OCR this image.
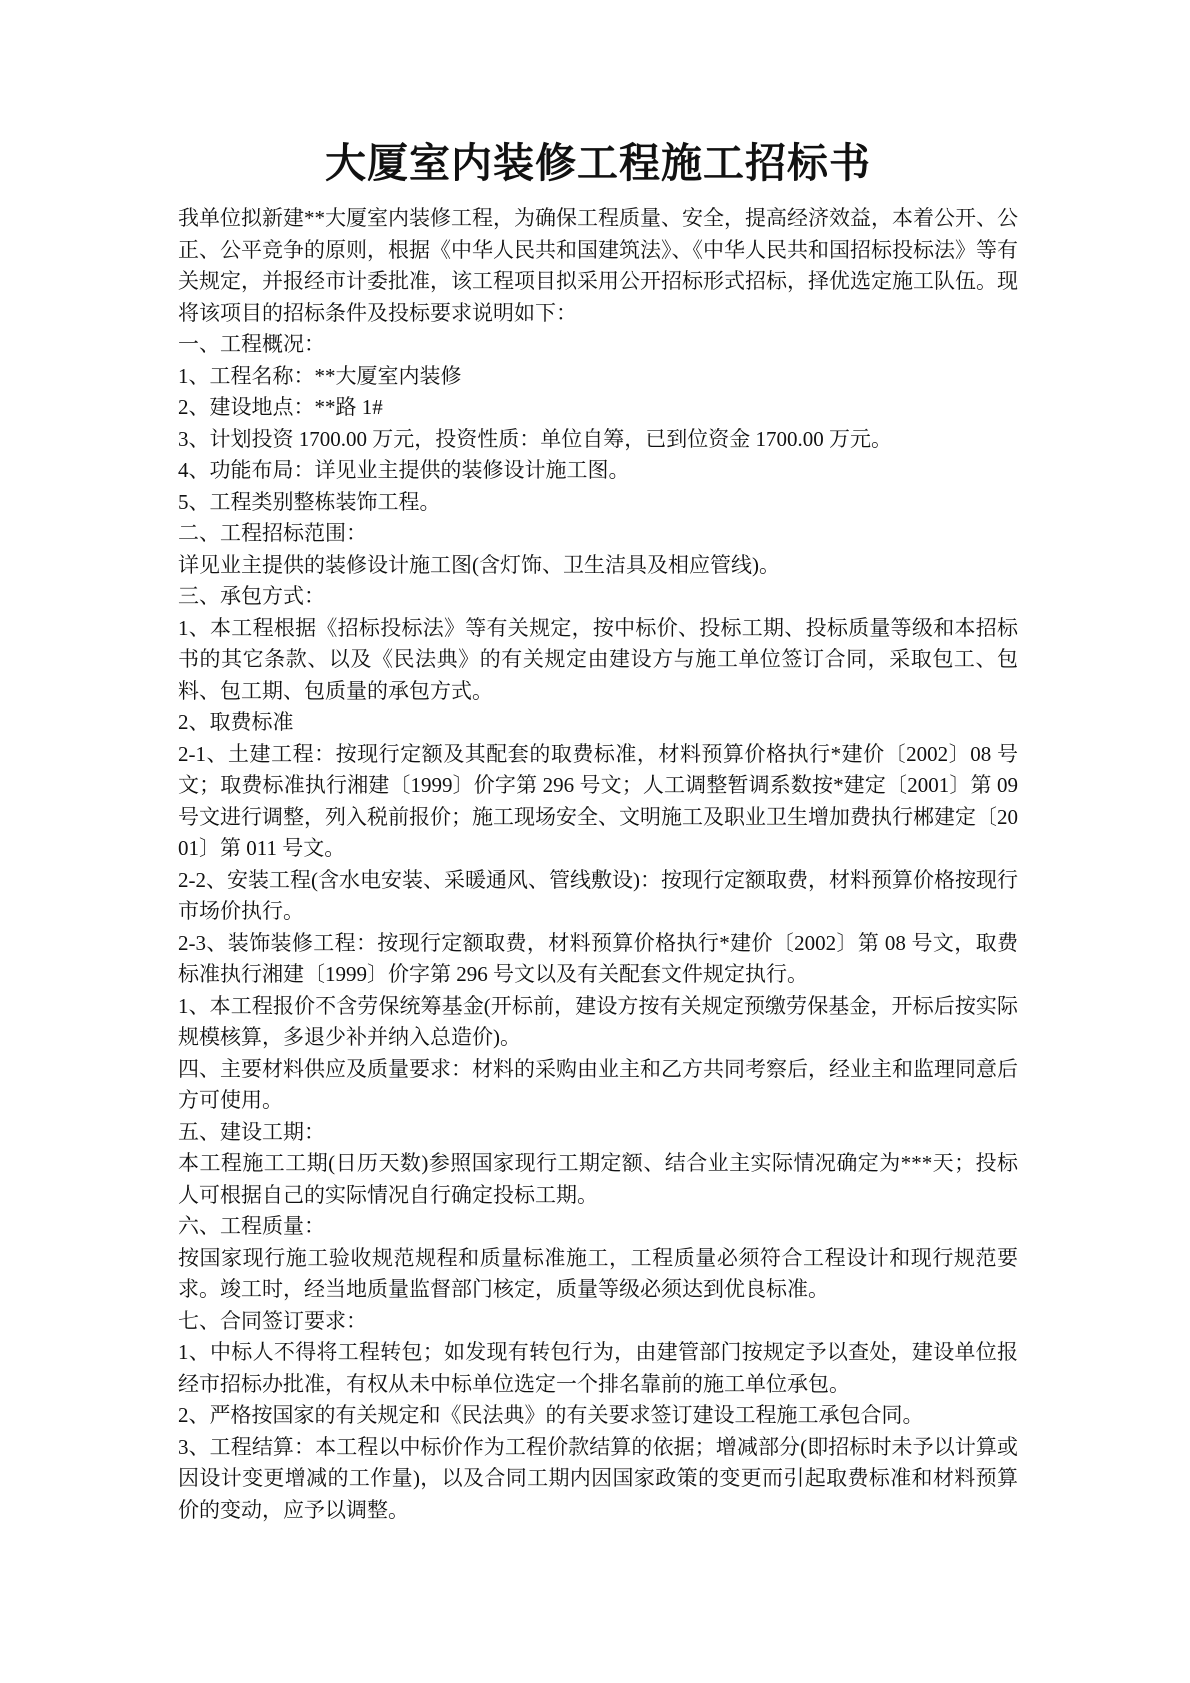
大厦室内装修工程施工招标书

我单位拟新建**大厦室内装修工程，为确保工程质量、安全，提高经济效益，本着公开、公正、公平竞争的原则，根据《中华人民共和国建筑法》、《中华人民共和国招标投标法》等有关规定，并报经市计委批准，该工程项目拟采用公开招标形式招标，择优选定施工队伍。现将该项目的招标条件及投标要求说明如下：

一、工程概况：

1、工程名称：**大厦室内装修

2、建设地点：**路 1#

3、计划投资 1700.00 万元，投资性质：单位自筹，已到位资金 1700.00 万元。

4、功能布局：详见业主提供的装修设计施工图。

5、工程类别整栋装饰工程。

二、工程招标范围：

详见业主提供的装修设计施工图(含灯饰、卫生洁具及相应管线)。

三、承包方式：

1、本工程根据《招标投标法》等有关规定，按中标价、投标工期、投标质量等级和本招标书的其它条款、以及《民法典》的有关规定由建设方与施工单位签订合同，采取包工、包料、包工期、包质量的承包方式。

2、取费标准

2-1、土建工程：按现行定额及其配套的取费标准，材料预算价格执行*建价〔2002〕08 号文；取费标准执行湘建〔1999〕价字第 296 号文；人工调整暂调系数按*建定〔2001〕第 09 号文进行调整，列入税前报价；施工现场安全、文明施工及职业卫生增加费执行郴建定〔2001〕第 011 号文。

2-2、安装工程(含水电安装、采暖通风、管线敷设)：按现行定额取费，材料预算价格按现行市场价执行。

2-3、装饰装修工程：按现行定额取费，材料预算价格执行*建价〔2002〕第 08 号文，取费标准执行湘建〔1999〕价字第 296 号文以及有关配套文件规定执行。

1、本工程报价不含劳保统筹基金(开标前，建设方按有关规定预缴劳保基金，开标后按实际规模核算，多退少补并纳入总造价)。

四、主要材料供应及质量要求：材料的采购由业主和乙方共同考察后，经业主和监理同意后方可使用。

五、建设工期：

本工程施工工期(日历天数)参照国家现行工期定额、结合业主实际情况确定为***天；投标人可根据自己的实际情况自行确定投标工期。

六、工程质量：

按国家现行施工验收规范规程和质量标准施工，工程质量必须符合工程设计和现行规范要求。竣工时，经当地质量监督部门核定，质量等级必须达到优良标准。

七、合同签订要求：

1、中标人不得将工程转包；如发现有转包行为，由建管部门按规定予以查处，建设单位报经市招标办批准，有权从未中标单位选定一个排名靠前的施工单位承包。

2、严格按国家的有关规定和《民法典》的有关要求签订建设工程施工承包合同。

3、工程结算：本工程以中标价作为工程价款结算的依据；增减部分(即招标时未予以计算或因设计变更增减的工作量)，以及合同工期内因国家政策的变更而引起取费标准和材料预算价的变动，应予以调整。
